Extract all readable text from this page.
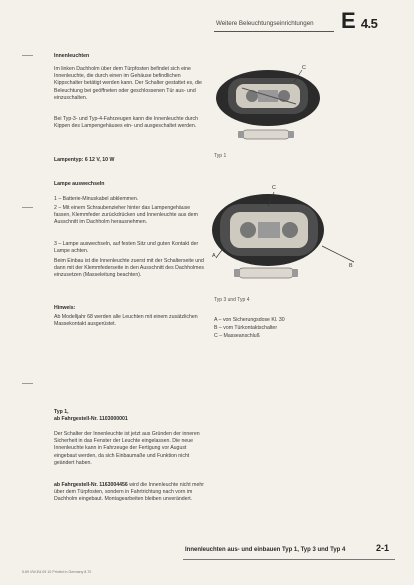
Weitere Beleuchtungseinrichtungen E 4.5
Innenleuchten
Im linken Dachholm über dem Türpfosten befindet sich eine Innenleuchte, die durch einen im Gehäuse befindlichen Kippschalter betätigt werden kann. Der Schalter gestattet es, die Beleuchtung bei geöffneten oder geschlossenen Tür aus- und einzuschalten.
Bei Typ-3- und Typ-4-Fahrzeugen kann die Innenleuchte durch Kippen des Lampengehäuses ein- und ausgeschaltet werden.
Lampentyp: 6 12 V, 10 W
C
Typ 1
Lampe auswechseln
1 – Batterie-Minuskabel abklemmen.
2 – Mit einem Schraubenzieher hinter das Lampengehäuse fassen, Klemmfeder zurückdrücken und Innenleuchte aus dem Ausschnitt im Dachholm herausnehmen.
3 – Lampe auswechseln, auf festen Sitz und guten Kontakt der Lampe achten.
Beim Einbau ist die Innenleuchte zuerst mit der Schalterseite und dann mit der Klemmfederseite in den Ausschnitt des Dachholmes einzusetzen (Masseleitung beachten).
C
A
B
Typ 3 und Typ 4
A – von Sicherungsdose Kl. 30
B – vom Türkontaktschalter
C – Masseanschluß
Hinweis:
Ab Modelljahr 68 werden alle Leuchten mit einem zusätzlichen Massekontakt ausgerüstet.
Typ 1,
ab Fahrgestell-Nr. 1103000001
Der Schalter der Innenleuchte ist jetzt aus Gründen der inneren Sicherheit in das Fenster der Leuchte eingelassen. Die neue Innenleuchte kann in Fahrzeuge der Fertigung vor August eingebaut werden, da sich Einbaumaße und Funktion nicht geändert haben.
ab Fahrgestell-Nr. 1163004456 wird die Innenleuchte nicht mehr über dem Türpfosten, sondern in Fahrtrichtung nach vorn im Dachholm eingebaut. Montagearbeiten bleiben unverändert.
Innenleuchten aus- und einbauen Typ 1, Typ 3 und Typ 4	2-1
5.69 VW-Ed.09 10 Printed in Germany 8.70
